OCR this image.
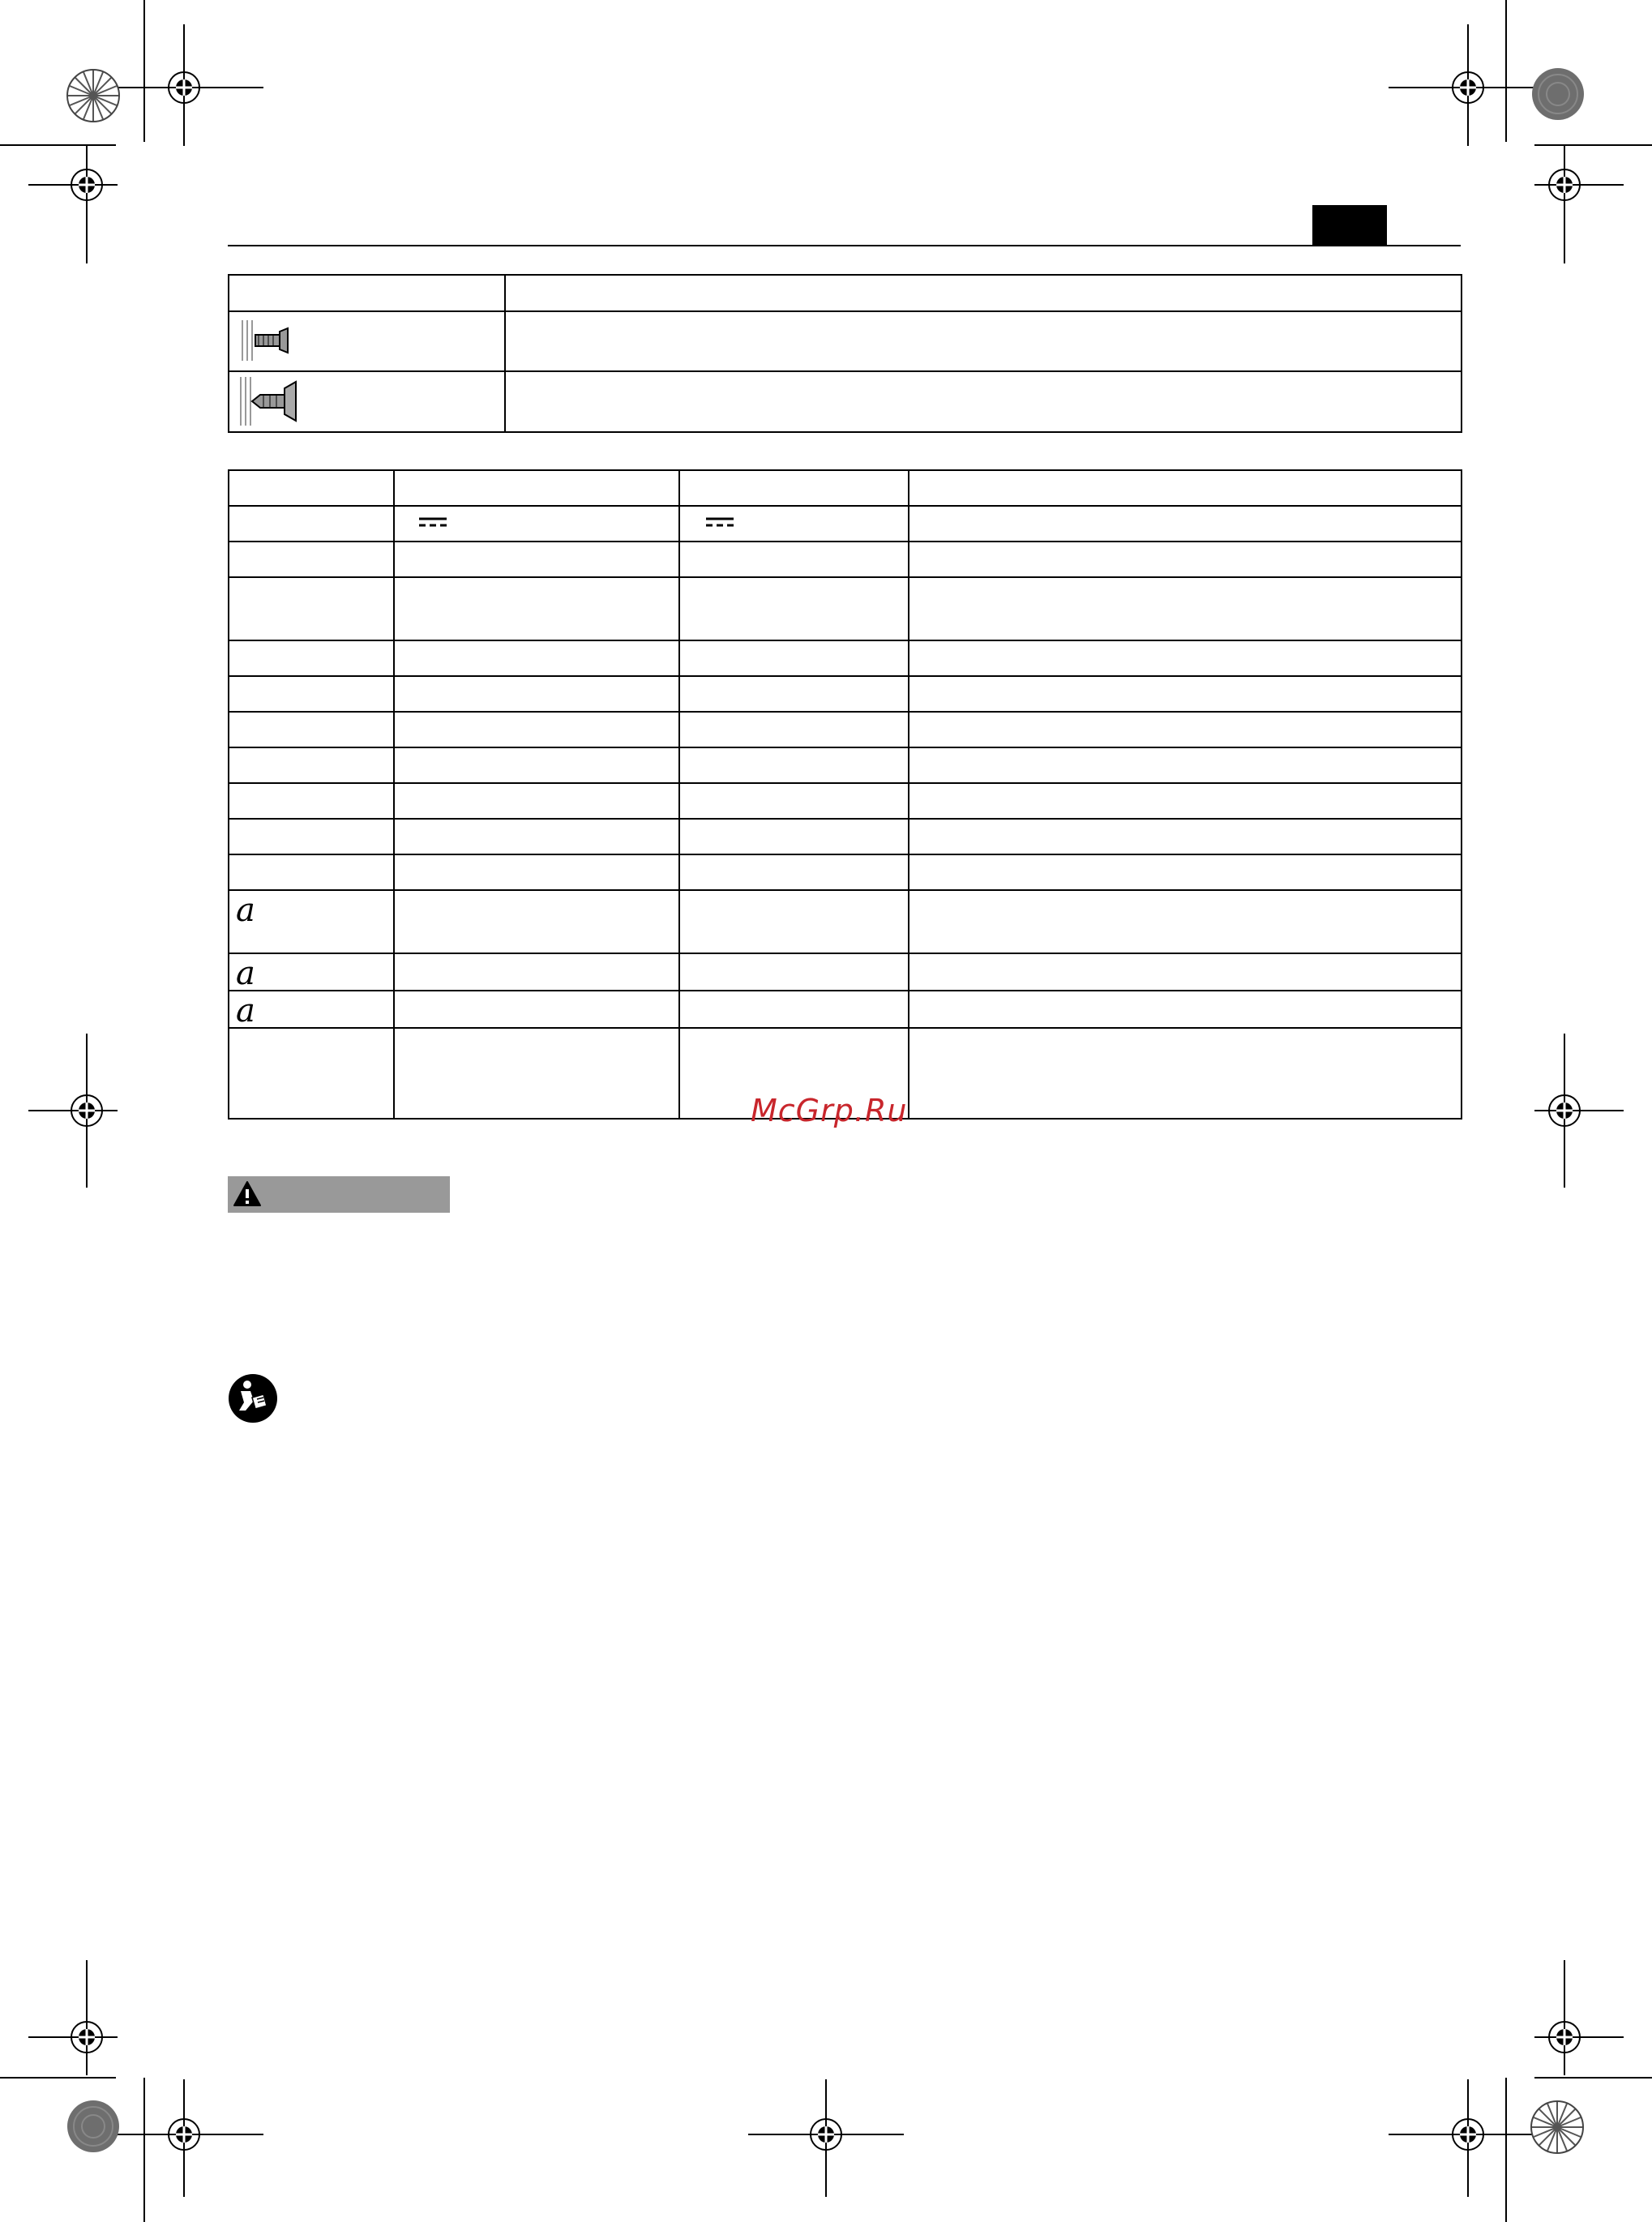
a			
a			
a			

McGrp.Ru
